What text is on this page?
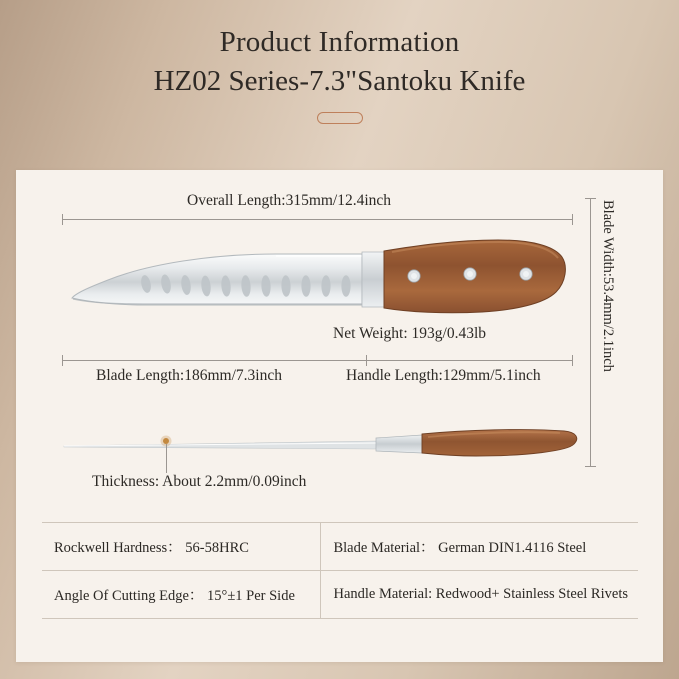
Product Information
HZ02 Series-7.3"Santoku Knife
Overall Length:315mm/12.4inch	Blade Width:53.4mm/2.1inch
Net Weight: 193g/0.43lb
Blade Length:186mm/7.3inch	Handle Length:129mm/5.1inch
Thickness: About 2.2mm/0.09inch
Rockwell Hardness： 56-58HRC	Blade Material： German DIN1.4116 Steel
Angle Of Cutting Edge： 15°±1 Per Side	Handle Material: Redwood+ Stainless Steel Rivets
